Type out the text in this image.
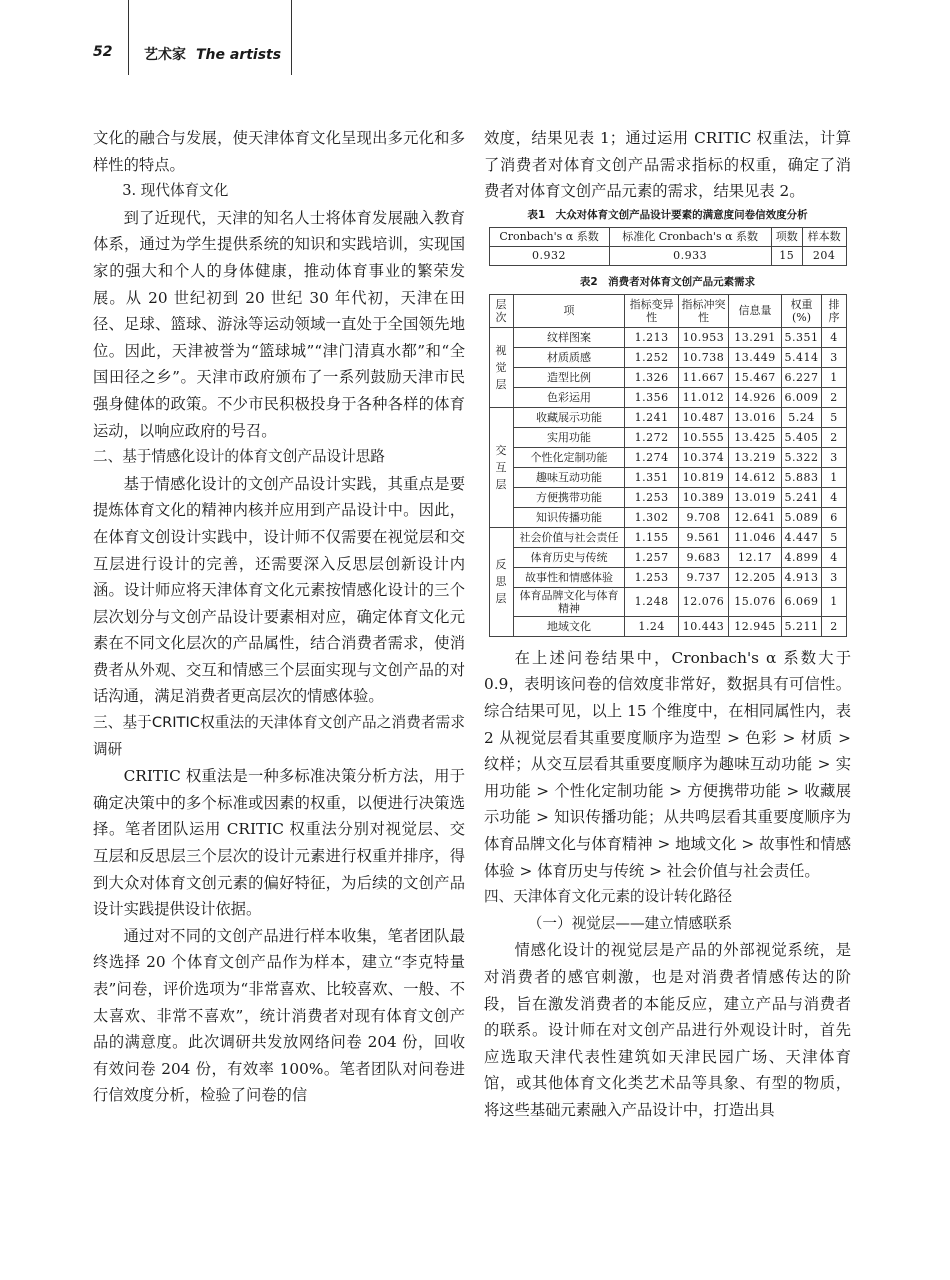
52 艺术家 The artists

文化的融合与发展，使天津体育文化呈现出多元化和多样性的特点。

3. 现代体育文化

到了近现代，天津的知名人士将体育发展融入教育体系，通过为学生提供系统的知识和实践培训，实现国家的强大和个人的身体健康，推动体育事业的繁荣发展。从 20 世纪初到 20 世纪 30 年代初，天津在田径、足球、篮球、游泳等运动领域一直处于全国领先地位。因此，天津被誉为“篮球城”“津门清真水都”和“全国田径之乡”。天津市政府颁布了一系列鼓励天津市民强身健体的政策。不少市民积极投身于各种各样的体育运动，以响应政府的号召。

二、基于情感化设计的体育文创产品设计思路

基于情感化设计的文创产品设计实践，其重点是要提炼体育文化的精神内核并应用到产品设计中。因此，在体育文创设计实践中，设计师不仅需要在视觉层和交互层进行设计的完善，还需要深入反思层创新设计内涵。设计师应将天津体育文化元素按情感化设计的三个层次划分与文创产品设计要素相对应，确定体育文化元素在不同文化层次的产品属性，结合消费者需求，使消费者从外观、交互和情感三个层面实现与文创产品的对话沟通，满足消费者更高层次的情感体验。

三、基于CRITIC权重法的天津体育文创产品之消费者需求调研

CRITIC 权重法是一种多标准决策分析方法，用于确定决策中的多个标准或因素的权重，以便进行决策选择。笔者团队运用 CRITIC 权重法分别对视觉层、交互层和反思层三个层次的设计元素进行权重并排序，得到大众对体育文创元素的偏好特征，为后续的文创产品设计实践提供设计依据。

通过对不同的文创产品进行样本收集，笔者团队最终选择 20 个体育文创产品作为样本，建立“李克特量表”问卷，评价选项为“非常喜欢、比较喜欢、一般、不太喜欢、非常不喜欢”，统计消费者对现有体育文创产品的满意度。此次调研共发放网络问卷 204 份，回收有效问卷 204 份，有效率 100%。笔者团队对问卷进行信效度分析，检验了问卷的信

效度，结果见表 1；通过运用 CRITIC 权重法，计算了消费者对体育文创产品需求指标的权重，确定了消费者对体育文创产品元素的需求，结果见表 2。

表1　大众对体育文创产品设计要素的满意度问卷信效度分析
Cronbach's α 系数	标准化 Cronbach's α 系数	项数	样本数
0.932	0.933	15	204
表2　消费者对体育文创产品元素需求
层次	项	指标变异性	指标冲突性	信息量	权重(%)	排序
视觉层	纹样图案	1.213	10.953	13.291	5.351	4
	材质质感	1.252	10.738	13.449	5.414	3
	造型比例	1.326	11.667	15.467	6.227	1
	色彩运用	1.356	11.012	14.926	6.009	2
交互层	收藏展示功能	1.241	10.487	13.016	5.24	5
	实用功能	1.272	10.555	13.425	5.405	2
	个性化定制功能	1.274	10.374	13.219	5.322	3
	趣味互动功能	1.351	10.819	14.612	5.883	1
	方便携带功能	1.253	10.389	13.019	5.241	4
	知识传播功能	1.302	9.708	12.641	5.089	6
反思层	社会价值与社会责任	1.155	9.561	11.046	4.447	5
	体育历史与传统	1.257	9.683	12.17	4.899	4
	故事性和情感体验	1.253	9.737	12.205	4.913	3
	体育品牌文化与体育精神	1.248	12.076	15.076	6.069	1
	地域文化	1.24	10.443	12.945	5.211	2

在上述问卷结果中，Cronbach's α 系数大于 0.9，表明该问卷的信效度非常好，数据具有可信性。综合结果可见，以上 15 个维度中，在相同属性内，表 2 从视觉层看其重要度顺序为造型 > 色彩 > 材质 > 纹样；从交互层看其重要度顺序为趣味互动功能 > 实用功能 > 个性化定制功能 > 方便携带功能 > 收藏展示功能 > 知识传播功能；从共鸣层看其重要度顺序为体育品牌文化与体育精神 > 地域文化 > 故事性和情感体验 > 体育历史与传统 > 社会价值与社会责任。

四、天津体育文化元素的设计转化路径

（一）视觉层——建立情感联系

情感化设计的视觉层是产品的外部视觉系统，是对消费者的感官刺激，也是对消费者情感传达的阶段，旨在激发消费者的本能反应，建立产品与消费者的联系。设计师在对文创产品进行外观设计时，首先应选取天津代表性建筑如天津民园广场、天津体育馆，或其他体育文化类艺术品等具象、有型的物质，将这些基础元素融入产品设计中，打造出具
